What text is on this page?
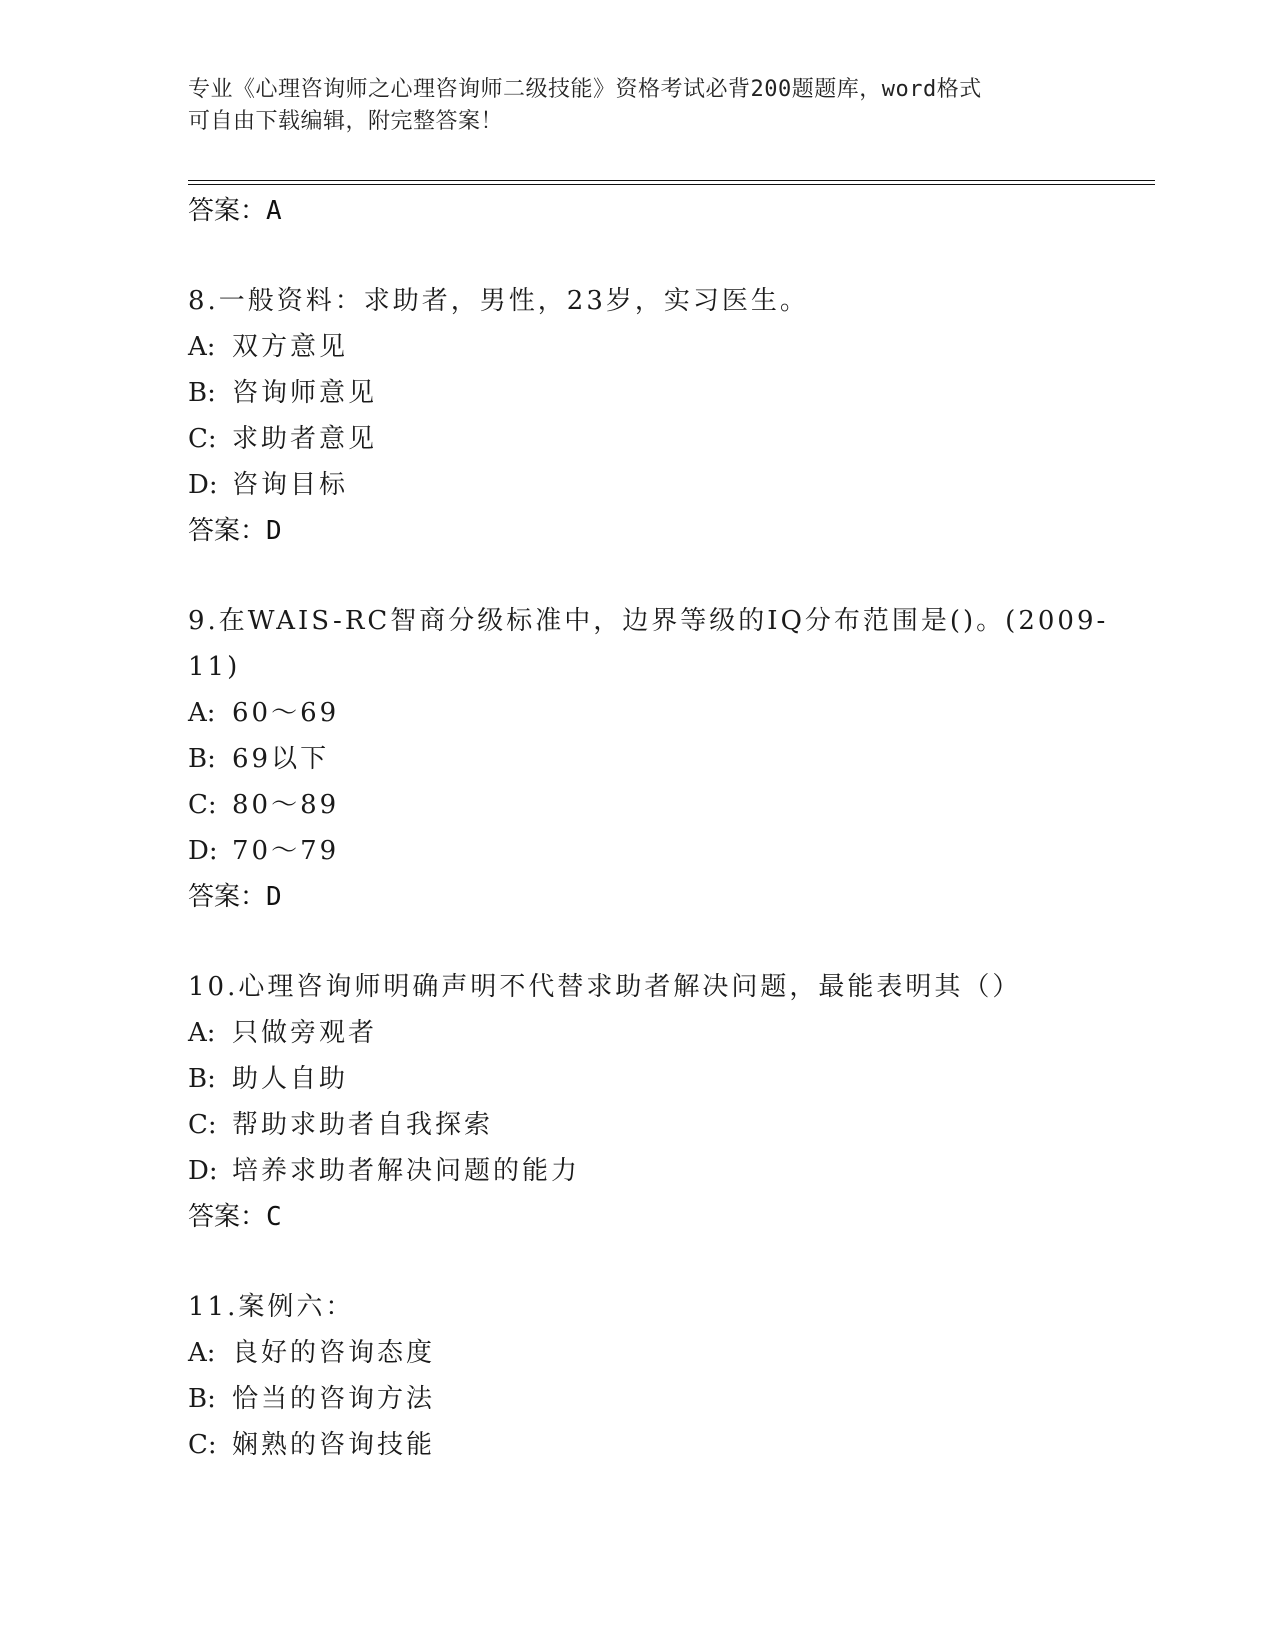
专业《心理咨询师之心理咨询师二级技能》资格考试必背200题题库，word格式
可自由下载编辑，附完整答案！
答案：A
8.一般资料：求助者，男性，23岁，实习医生。
A: 双方意见
B: 咨询师意见
C: 求助者意见
D: 咨询目标
答案：D
9.在WAIS-RC智商分级标准中，边界等级的IQ分布范围是()。(2009-
11)
A: 60～69
B: 69以下
C: 80～89
D: 70～79
答案：D
10.心理咨询师明确声明不代替求助者解决问题，最能表明其（）
A: 只做旁观者
B: 助人自助
C: 帮助求助者自我探索
D: 培养求助者解决问题的能力
答案：C
11.案例六：
A: 良好的咨询态度
B: 恰当的咨询方法
C: 娴熟的咨询技能
